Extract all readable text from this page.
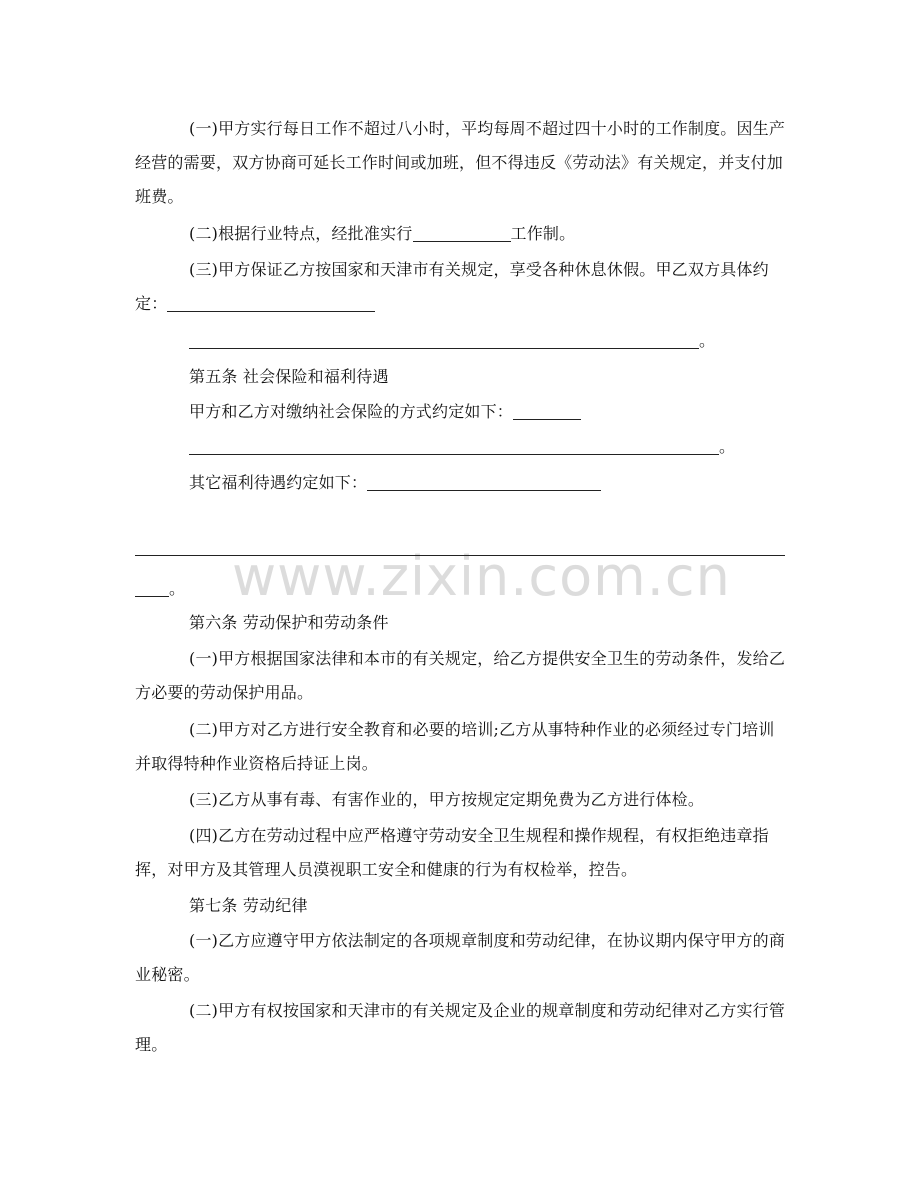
www.zixin.com.cn

(一)甲方实行每日工作不超过八小时，平均每周不超过四十小时的工作制度。因生产经营的需要，双方协商可延长工作时间或加班，但不得违反《劳动法》有关规定，并支付加班费。

(二)根据行业特点，经批准实行	工作制。

(三)甲方保证乙方按国家和天津市有关规定，享受各种休息休假。甲乙双方具体约定：

。

第五条 社会保险和福利待遇

甲方和乙方对缴纳社会保险的方式约定如下：

。

其它福利待遇约定如下：

。

第六条 劳动保护和劳动条件

(一)甲方根据国家法律和本市的有关规定，给乙方提供安全卫生的劳动条件，发给乙方必要的劳动保护用品。

(二)甲方对乙方进行安全教育和必要的培训;乙方从事特种作业的必须经过专门培训并取得特种作业资格后持证上岗。

(三)乙方从事有毒、有害作业的，甲方按规定定期免费为乙方进行体检。

(四)乙方在劳动过程中应严格遵守劳动安全卫生规程和操作规程，有权拒绝违章指挥，对甲方及其管理人员漠视职工安全和健康的行为有权检举，控告。

第七条 劳动纪律

(一)乙方应遵守甲方依法制定的各项规章制度和劳动纪律，在协议期内保守甲方的商业秘密。

(二)甲方有权按国家和天津市的有关规定及企业的规章制度和劳动纪律对乙方实行管理。
